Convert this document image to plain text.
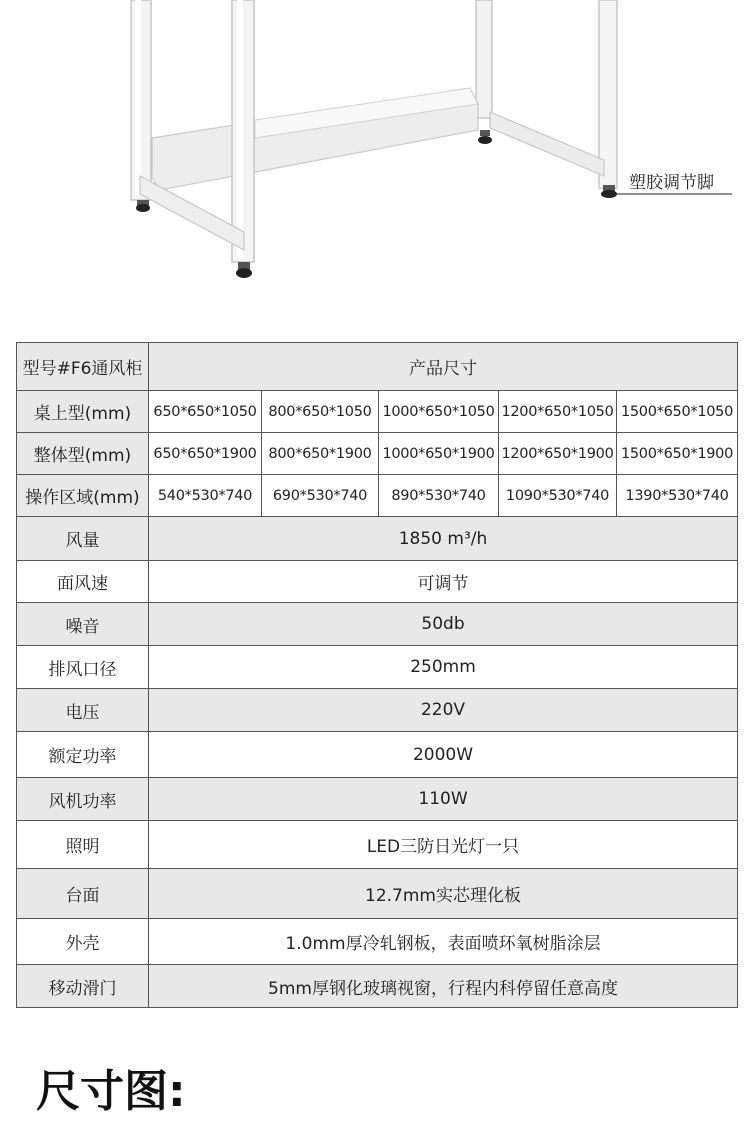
塑胶调节脚
型号#F6通风柜	产品尺寸				
桌上型(mm)	650*650*1050	800*650*1050	1000*650*1050	1200*650*1050	1500*650*1050
整体型(mm)	650*650*1900	800*650*1900	1000*650*1900	1200*650*1900	1500*650*1900
操作区域(mm)	540*530*740	690*530*740	890*530*740	1090*530*740	1390*530*740
风量	1850 m³/h				
面风速	可调节				
噪音	50db				
排风口径	250mm				
电压	220V				
额定功率	2000W				
风机功率	110W				
照明	LED三防日光灯一只				
台面	12.7mm实芯理化板				
外壳	1.0mm厚冷轧钢板，表面喷环氧树脂涂层				
移动滑门	5mm厚钢化玻璃视窗，行程内科停留任意高度				
尺寸图:
